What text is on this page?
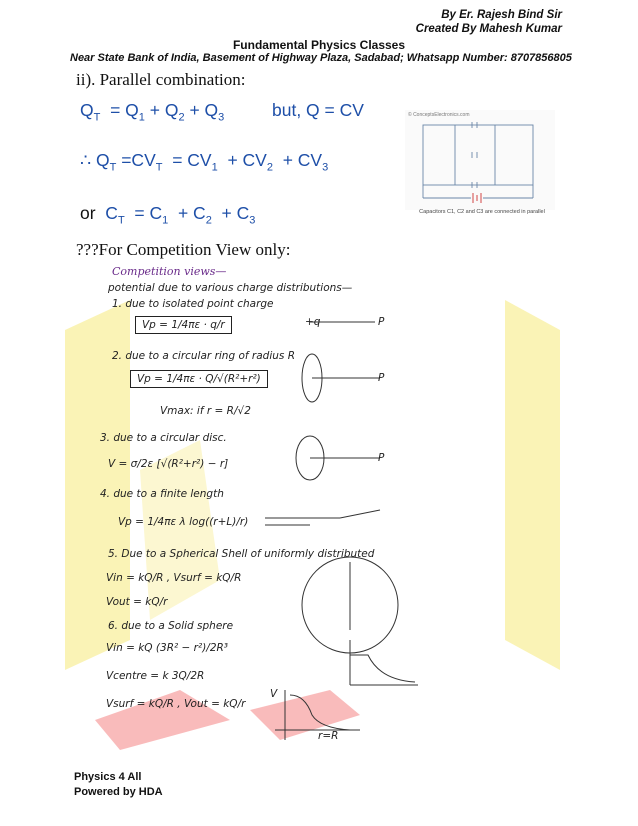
By Er. Rajesh Bind Sir
Created By Mahesh Kumar
Fundamental Physics Classes
Near State Bank of India, Basement of Highway Plaza, Sadabad; Whatsapp Number: 8707856805
ii). Parallel combination:
$Q_T = Q_1 + Q_2 + Q_3$	but, Q = CV
∴ $Q_T =CV_T = CV_1 + CV_2 + CV_3$
or  $C_T = C_1 + C_2 + C_3$
© ConceptsElectronics.com
Capacitors C1, C2 and C3 are connected in parallel
???For Competition View only:
Competition views—
potential due to various charge distributions—
1. due to isolated point charge
Vp = 1/4πε · q/r
2. due to a circular ring of radius R
Vp = 1/4πε · Q/√(R²+r²)
Vmax: if r = R/√2
3. due to a circular disc.
V = σ/2ε [√(R²+r²) − r]
4. due to a finite length
Vp = 1/4πε λ log((r+L)/r)
5. Due to a Spherical Shell of uniformly distributed
Vin = kQ/R , Vsurf = kQ/R
Vout = kQ/r
6. due to a Solid sphere
Vin = kQ (3R² − r²)/2R³
Vcentre = k 3Q/2R
Vsurf = kQ/R , Vout = kQ/r
+q	P
P
P
V
r=R
Physics 4 All
Powered by HDA
